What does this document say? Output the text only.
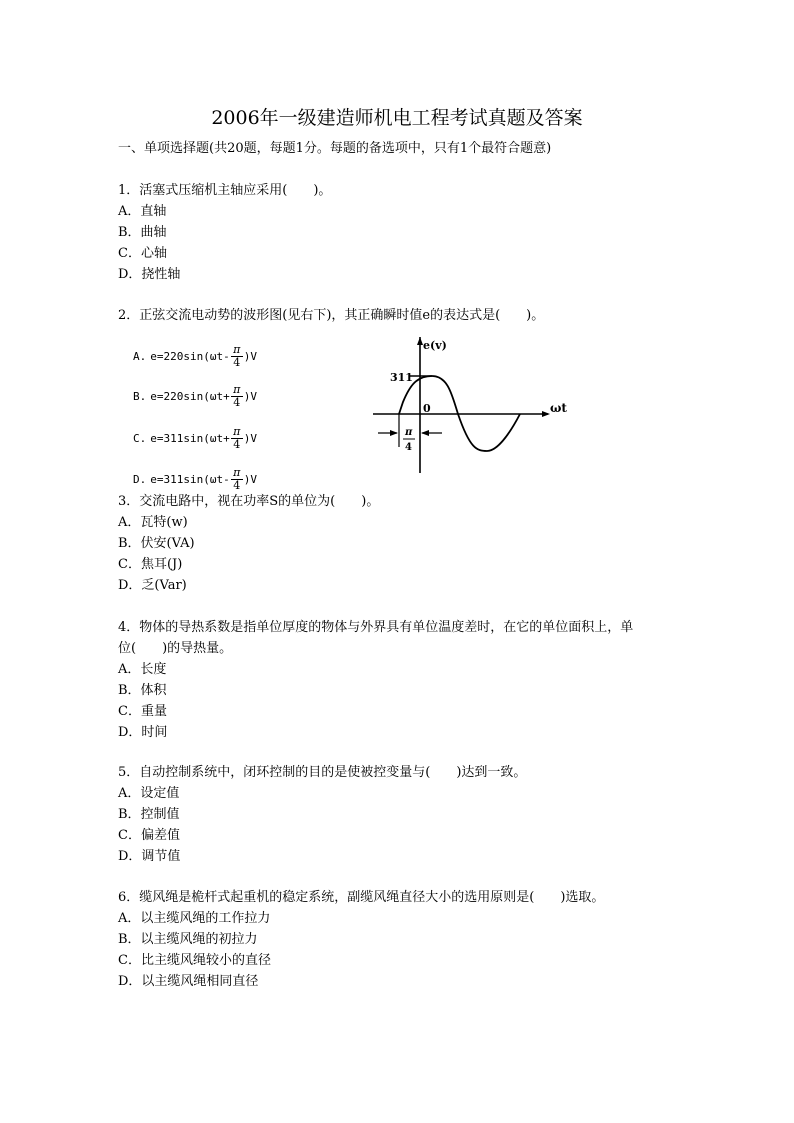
2006年一级建造师机电工程考试真题及答案
一、单项选择题(共20题，每题1分。每题的备选项中，只有1个最符合题意)
1．活塞式压缩机主轴应采用(　　)。
A．直轴
B．曲轴
C．心轴
D．挠性轴
2．正弦交流电动势的波形图(见右下)，其正确瞬时值e的表达式是(　　)。
A. $e=220\sin(\omega t- \frac{\pi}{4} )V$
B. $e=220\sin(\omega t+ \frac{\pi}{4} )V$
C. $e=311\sin(\omega t+ \frac{\pi}{4} )V$
D. $e=311\sin(\omega t- \frac{\pi}{4} )V$
e(v)
311
0	ωt
π
4
3．交流电路中，视在功率S的单位为(　　)。
A．瓦特(w)
B．伏安(VA)
C．焦耳(J)
D．乏(Var)
4．物体的导热系数是指单位厚度的物体与外界具有单位温度差时，在它的单位面积上，单
位(　　)的导热量。
A．长度
B．体积
C．重量
D．时间
5．自动控制系统中，闭环控制的目的是使被控变量与(　　)达到一致。
A．设定值
B．控制值
C．偏差值
D．调节值
6．缆风绳是桅杆式起重机的稳定系统，副缆风绳直径大小的选用原则是(　　)选取。
A．以主缆风绳的工作拉力
B．以主缆风绳的初拉力
C．比主缆风绳较小的直径
D．以主缆风绳相同直径
